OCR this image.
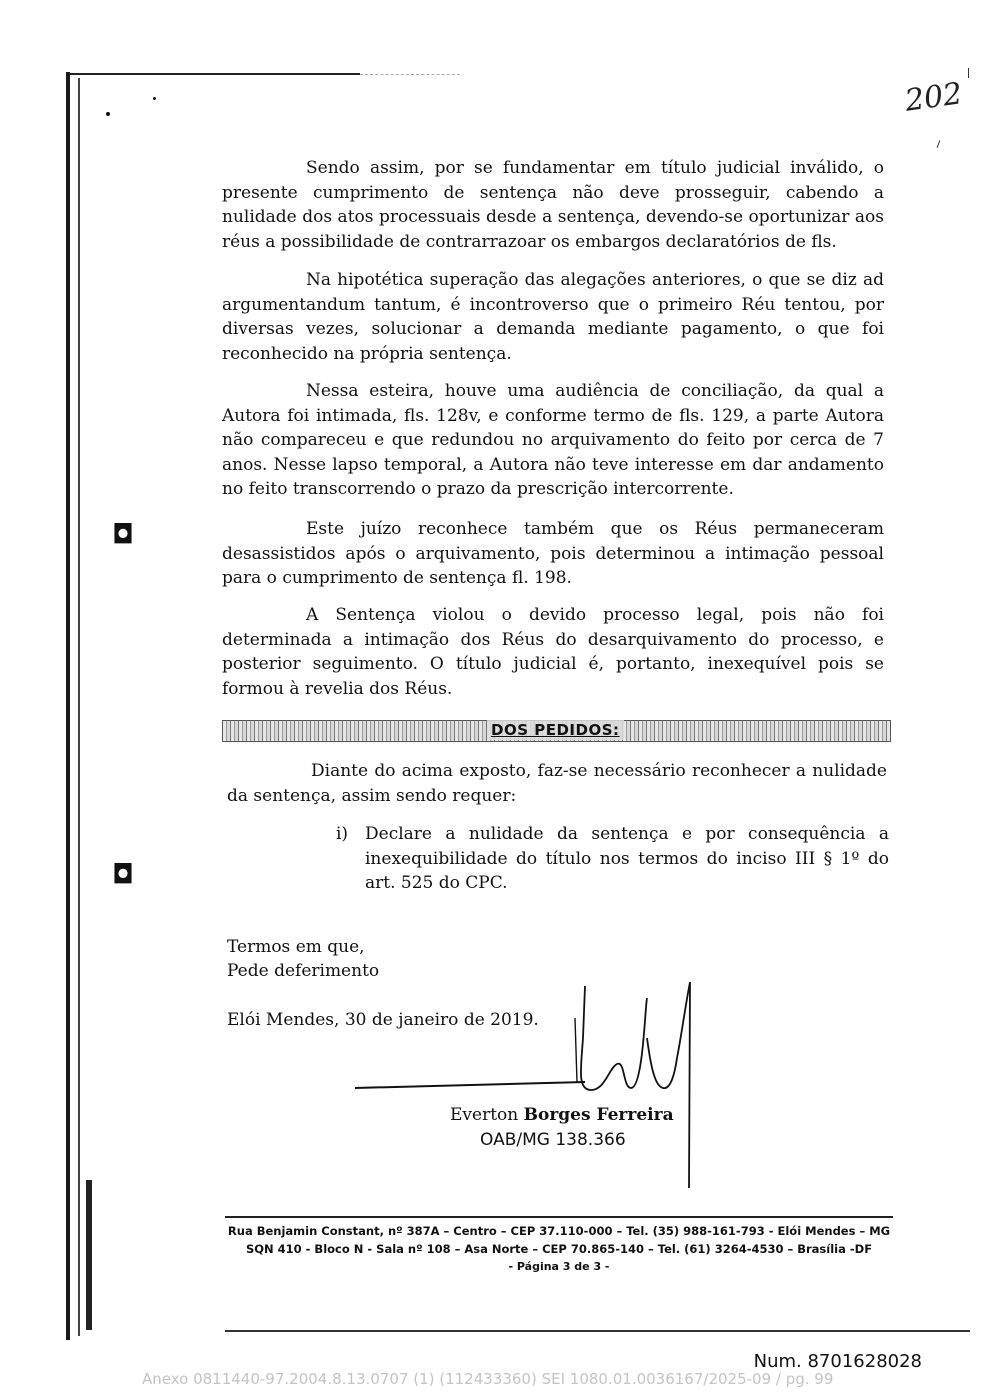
202
◘
◘

Sendo assim, por se fundamentar em título judicial inválido, o presente cumprimento de sentença não deve prosseguir, cabendo a nulidade dos atos processuais desde a sentença, devendo-se oportunizar aos réus a possibilidade de contrarrazoar os embargos declaratórios de fls.

Na hipotética superação das alegações anteriores, o que se diz ad argumentandum tantum, é incontroverso que o primeiro Réu tentou, por diversas vezes, solucionar a demanda mediante pagamento, o que foi reconhecido na própria sentença.

Nessa esteira, houve uma audiência de conciliação, da qual a Autora foi intimada, fls. 128v, e conforme termo de fls. 129, a parte Autora não compareceu e que redundou no arquivamento do feito por cerca de 7 anos. Nesse lapso temporal, a Autora não teve interesse em dar andamento no feito transcorrendo o prazo da prescrição intercorrente.

Este juízo reconhece também que os Réus permaneceram desassistidos após o arquivamento, pois determinou a intimação pessoal para o cumprimento de sentença fl. 198.

A Sentença violou o devido processo legal, pois não foi determinada a intimação dos Réus do desarquivamento do processo, e posterior seguimento. O título judicial é, portanto, inexequível pois se formou à revelia dos Réus.

DOS PEDIDOS:

Diante do acima exposto, faz-se necessário reconhecer a nulidade da sentença, assim sendo requer:

i) Declare a nulidade da sentença e por consequência a inexequibilidade do título nos termos do inciso III § 1º do art. 525 do CPC.

Termos em que,
Pede deferimento
Elói Mendes, 30 de janeiro de 2019.
Everton Borges Ferreira
OAB/MG 138.366
Rua Benjamin Constant, nº 387A – Centro – CEP 37.110-000 – Tel. (35) 988-161-793 - Elói Mendes – MG
SQN 410 - Bloco N - Sala nº 108 – Asa Norte – CEP 70.865-140 – Tel. (61) 3264-4530 – Brasília -DF
- Página 3 de 3 -
Num. 8701628028
Anexo 0811440-97.2004.8.13.0707 (1) (112433360) SEI 1080.01.0036167/2025-09 / pg. 99
